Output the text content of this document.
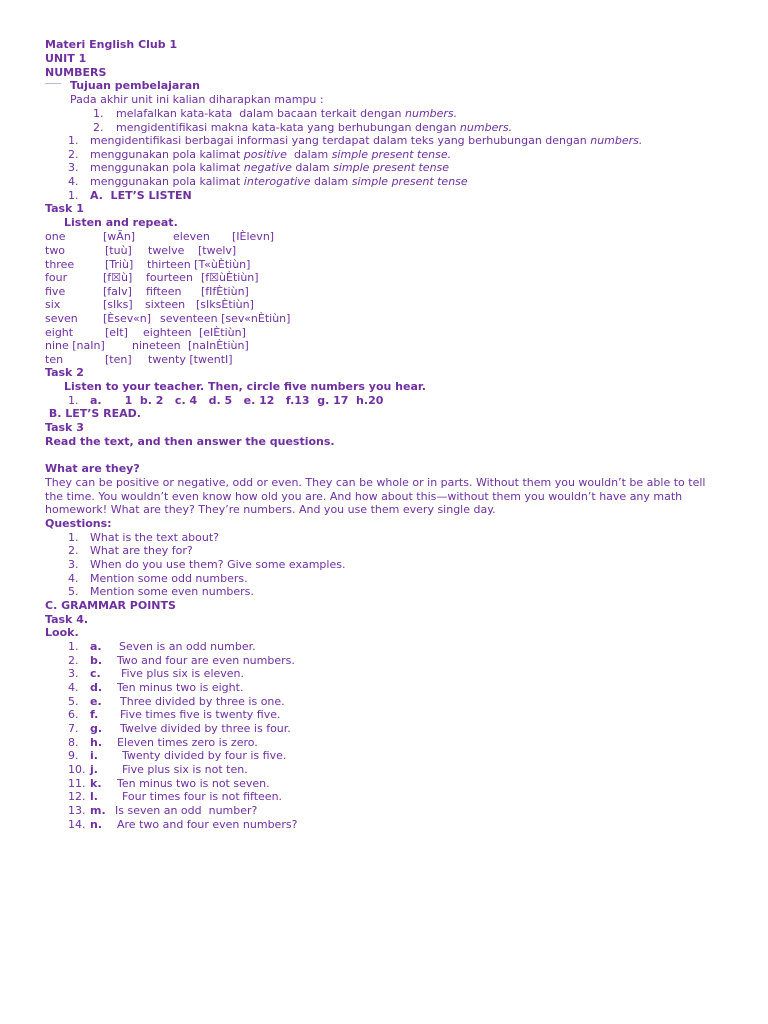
Materi English Club 1
UNIT 1
NUMBERS
Tujuan pembelajaran
Pada akhir unit ini kalian diharapkan mampu :
1. melafalkan kata-kata  dalam bacaan terkait dengan numbers.
2. mengidentifikasi makna kata-kata yang berhubungan dengan numbers.
1. mengidentifikasi berbagai informasi yang terdapat dalam teks yang berhubungan dengan numbers.
2. menggunakan pola kalimat positive  dalam simple present tense.
3. menggunakan pola kalimat negative dalam simple present tense
4. menggunakan pola kalimat interogative dalam simple present tense
1. A.  LET’S LISTEN
Task 1
Listen and repeat.
one	[wÃn]	eleven [IÈlevn]
two	[tuù] twelve [twelv]
three	[Triù] thirteen [T«ùÈtiùn]
four	[f☒ù] fourteen [f☒ùÈtiùn]
five	[faIv] fifteen [fIfÈtiùn]
six	[sIks] sixteen [sIksÈtiùn]
seven [Èsev«n] seventeen [sev«nÈtiùn]
eight	[eIt] eighteen [eIÈtiùn]
nine [naIn] nineteen [naInÈtiùn]
ten	[ten] twenty [twentI]
Task 2
Listen to your teacher. Then, circle five numbers you hear.
1. a.      1  b. 2   c. 4   d. 5   e. 12   f.13  g. 17  h.20
B. LET’S READ.
Task 3
Read the text, and then answer the questions.
What are they?
They can be positive or negative, odd or even. They can be whole or in parts. Without them you wouldn’t be able to tell
the time. You wouldn’t even know how old you are. And how about this—without them you wouldn’t have any math
homework! What are they? They’re numbers. And you use them every single day.
Questions:
1. What is the text about?
2. What are they for?
3. When do you use them? Give some examples.
4. Mention some odd numbers.
5. Mention some even numbers.
C. GRAMMAR POINTS
Task 4.
Look.
1. a. Seven is an odd number.
2. b. Two and four are even numbers.
3. c. Five plus six is eleven.
4. d. Ten minus two is eight.
5. e. Three divided by three is one.
6. f. Five times five is twenty five.
7. g. Twelve divided by three is four.
8. h. Eleven times zero is zero.
9. i. Twenty divided by four is five.
10. j. Five plus six is not ten.
11. k. Ten minus two is not seven.
12. l. Four times four is not fifteen.
13. m. Is seven an odd  number?
14. n. Are two and four even numbers?
